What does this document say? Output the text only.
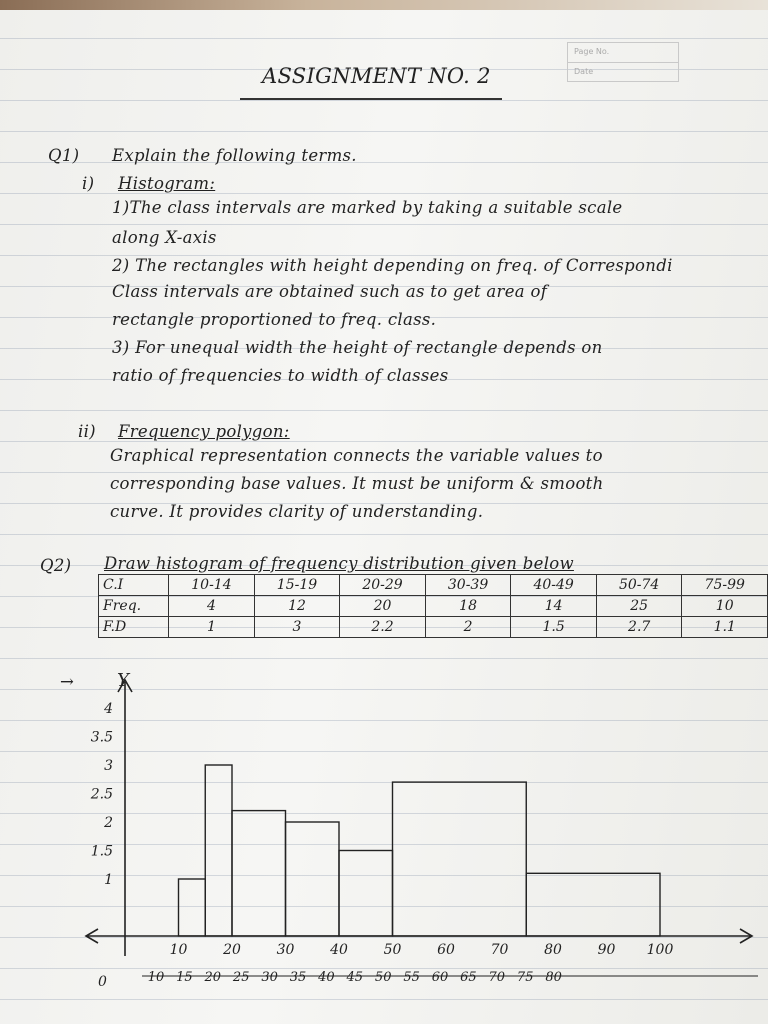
Page No.
Date
ASSIGNMENT NO. 2
Q1) Explain the following terms.
i) Histogram:
1)The class intervals are marked by taking a suitable scale
along X-axis
2) The rectangles with height depending on freq. of Correspondi
Class intervals are obtained such as to get area of
rectangle proportioned to freq. class.
3) For unequal width the height of rectangle depends on
ratio of frequencies to width of classes
ii) Frequency polygon:
Graphical representation connects the variable values to
corresponding base values. It must be uniform & smooth
curve. It provides clarity of understanding.
Q2) Draw histogram of frequency distribution given below
C.I	10-14	15-19	20-29	30-39	40-49	50-74	75-99
Freq.	4	12	20	18	14	25	10
F.D	1	3	2.2	2	1.5	2.7	1.1
→ Y
0
1
1.5
2
2.5
3
3.5
4
10	20	30	40	50	60	70	80	90 100
10 15 20 25 30 35 40 45 50 55 60 65 70 75 80
